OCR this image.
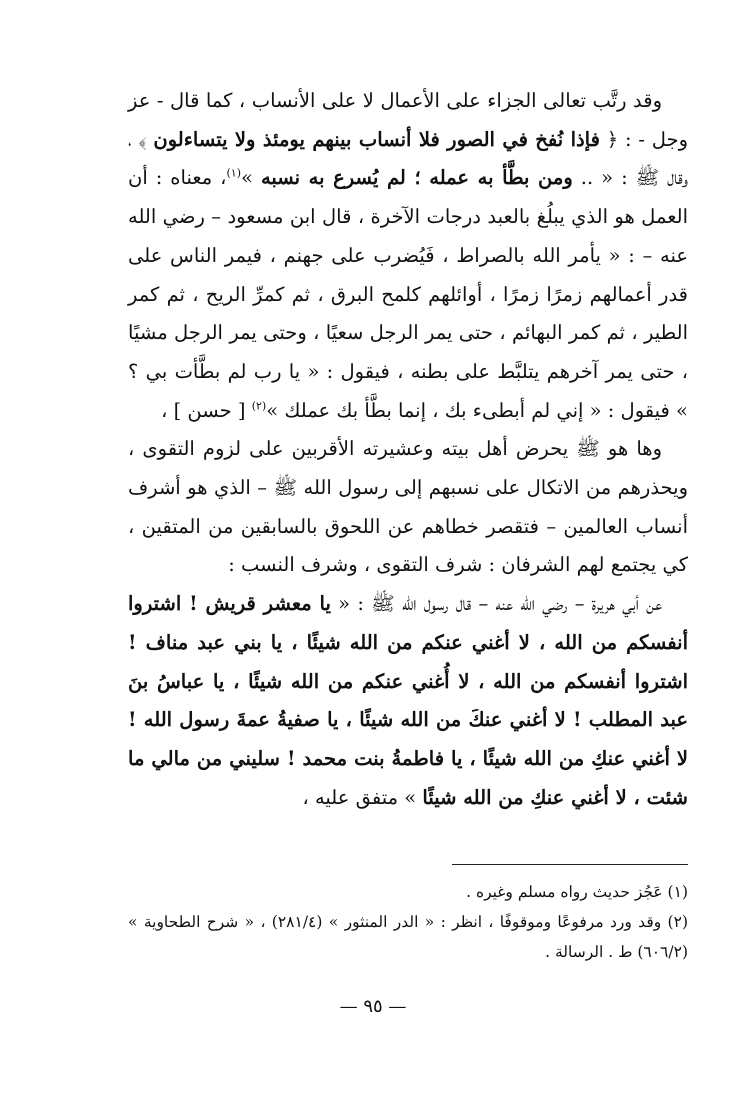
وقد رتَّب تعالى الجزاء على الأعمال لا على الأنساب ، كما قال - عز وجل - : ﴿ فإذا نُفخ في الصور فلا أنساب بينهم يومئذ ولا يتساءلون ﴾ ، وقال ﷺ : « .. ومن بطَّأ به عمله ؛ لم يُسرع به نسبه »$^{(١)}$، معناه : أن العمل هو الذي يبلُغ بالعبد درجات الآخرة ، قال ابن مسعود – رضي الله عنه – : « يأمر الله بالصراط ، فَيُضرب على جهنم ، فيمر الناس على قدر أعمالهم زمرًا زمرًا ، أوائلهم كلمح البرق ، ثم كمرِّ الريح ، ثم كمر الطير ، ثم كمر البهائم ، حتى يمر الرجل سعيًا ، وحتى يمر الرجل مشيًا ، حتى يمر آخرهم يتلبَّط على بطنه ، فيقول : « يا رب لم بطَّأت بي ؟ » فيقول : « إني لم أبطىء بك ، إنما بطَّأ بك عملك »$^{(٢)}$ [ حسن ] ،

وها هو ﷺ يحرض أهل بيته وعشيرته الأقربين على لزوم التقوى ، ويحذرهم من الاتكال على نسبهم إلى رسول الله ﷺ – الذي هو أشرف أنساب العالمين – فتقصر خطاهم عن اللحوق بالسابقين من المتقين ، كي يجتمع لهم الشرفان : شرف التقوى ، وشرف النسب :

عن أبي هريرة – رضي الله عنه – قال رسول الله ﷺ : « يا معشر قريش ! اشتروا أنفسكم من الله ، لا أغني عنكم من الله شيئًا ، يا بني عبد مناف ! اشتروا أنفسكم من الله ، لا أُغني عنكم من الله شيئًا ، يا عباسُ بنَ عبد المطلب ! لا أغني عنكَ من الله شيئًا ، يا صفيةُ عمةَ رسول الله ! لا أغني عنكِ من الله شيئًا ، يا فاطمةُ بنت محمد ! سليني من مالي ما شئت ، لا أغني عنكِ من الله شيئًا » متفق عليه ،

(١) عَجُز حديث رواه مسلم وغيره .

(٢) وقد ورد مرفوعًا وموقوفًا ، انظر : « الدر المنثور » (٢٨١/٤) ، « شرح الطحاوية » (٦٠٦/٢) ط . الرسالة .

— ٩٥ —
